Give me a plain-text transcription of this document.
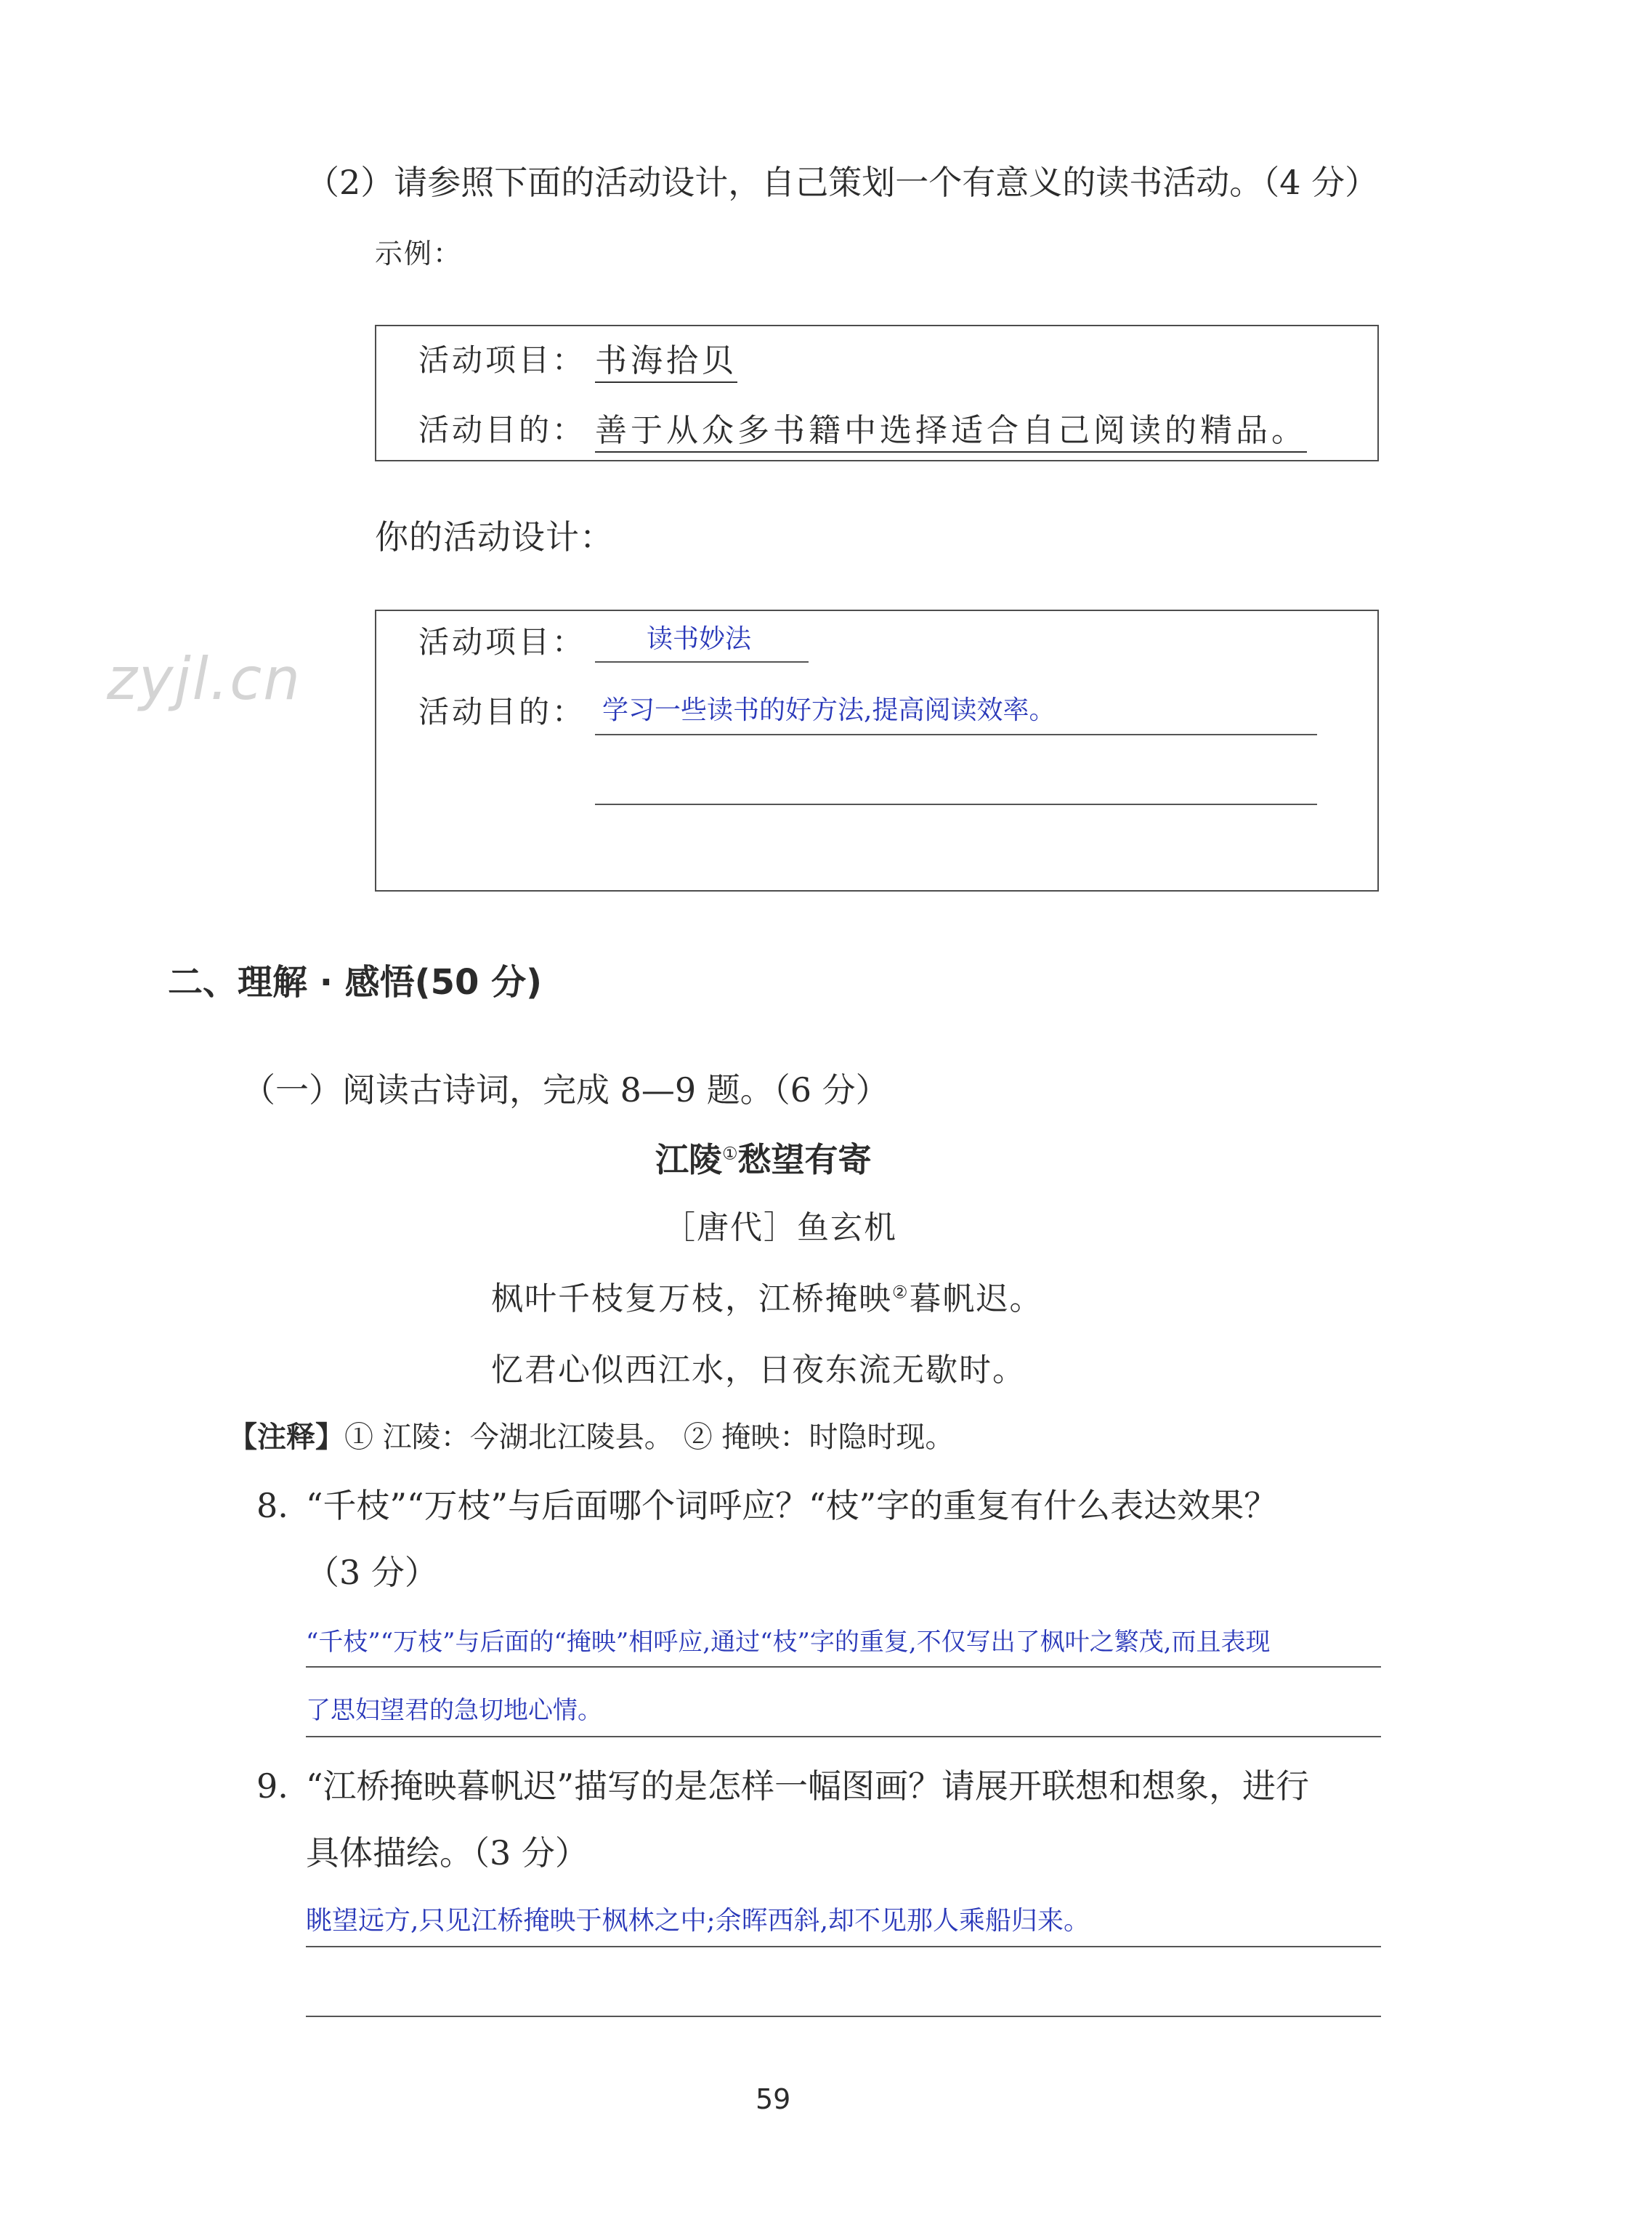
（2）请参照下面的活动设计，自己策划一个有意义的读书活动。（4 分）
示例：
活动项目： 书海拾贝
活动目的： 善于从众多书籍中选择适合自己阅读的精品。
你的活动设计：
活动项目： 读书妙法
活动目的： 学习一些读书的好方法,提高阅读效率。
zyjl.cn
二、理解 · 感悟(50 分)
（一）阅读古诗词，完成 8—9 题。（6 分）
江陵①愁望有寄
［唐代］鱼玄机
枫叶千枝复万枝，江桥掩映②暮帆迟。
忆君心似西江水，日夜东流无歇时。
【注释】① 江陵：今湖北江陵县。 ② 掩映：时隐时现。
8. “千枝”“万枝”与后面哪个词呼应？“枝”字的重复有什么表达效果？
（3 分）
“千枝”“万枝”与后面的“掩映”相呼应,通过“枝”字的重复,不仅写出了枫叶之繁茂,而且表现
了思妇望君的急切地心情。
9. “江桥掩映暮帆迟”描写的是怎样一幅图画？请展开联想和想象，进行
具体描绘。（3 分）
眺望远方,只见江桥掩映于枫林之中;余晖西斜,却不见那人乘船归来。
59
